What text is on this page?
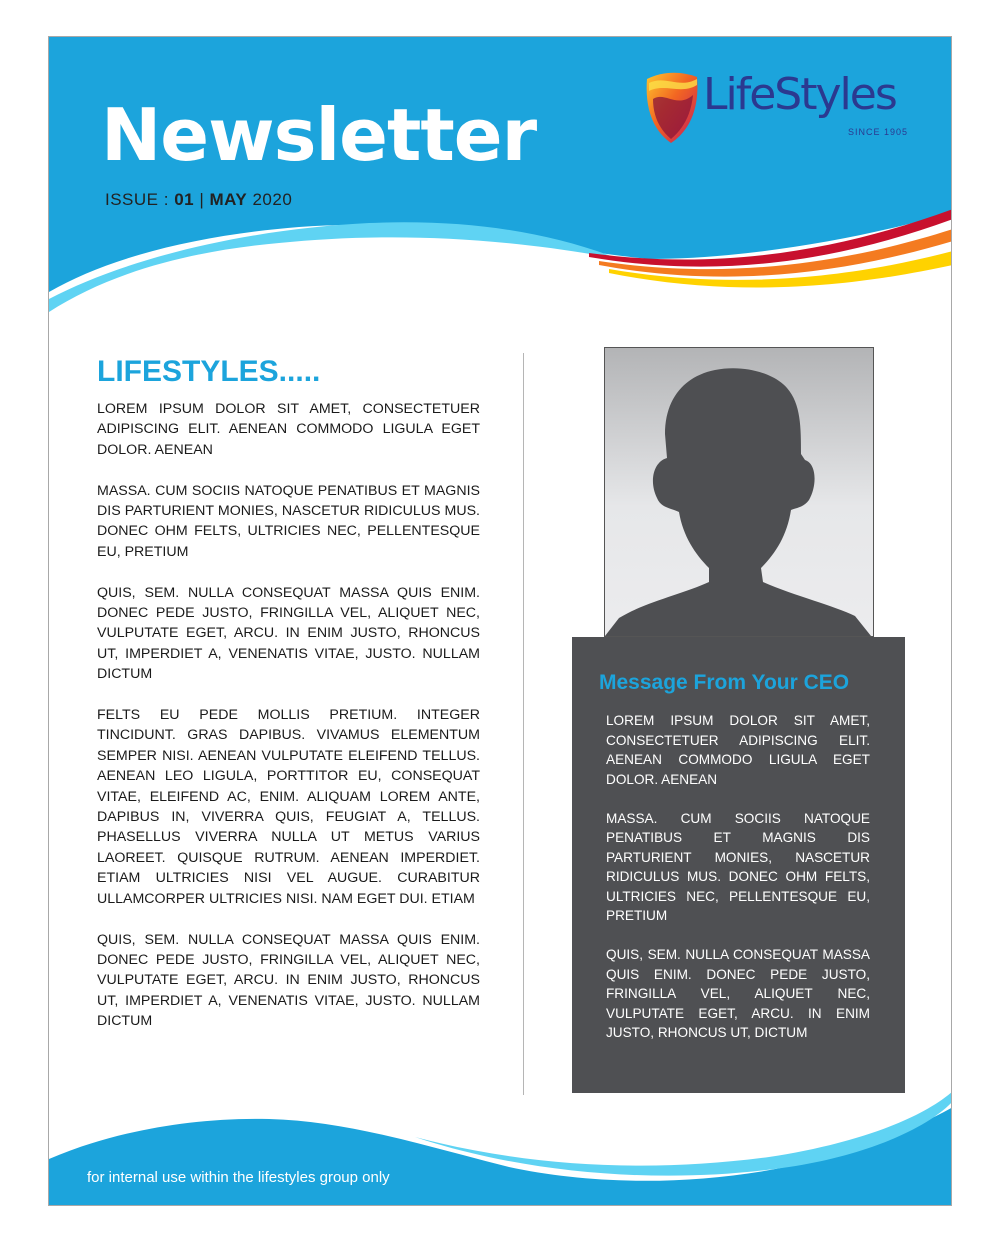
Newsletter
ISSUE : 01 | MAY 2020
LifeStyles
SINCE 1905
LIFESTYLES.....

LOREM IPSUM DOLOR SIT AMET, CONSECTETUER ADIPISCING ELIT. AENEAN COMMODO LIGULA EGET DOLOR. AENEAN

MASSA. CUM SOCIIS NATOQUE PENATIBUS ET MAGNIS DIS PARTURIENT MONIES, NASCETUR RIDICULUS MUS. DONEC OHM FELTS, ULTRICIES NEC, PELLENTESQUE EU, PRETIUM

QUIS, SEM. NULLA CONSEQUAT MASSA QUIS ENIM. DONEC PEDE JUSTO, FRINGILLA VEL, ALIQUET NEC, VULPUTATE EGET, ARCU. IN ENIM JUSTO, RHONCUS UT, IMPERDIET A, VENENATIS VITAE, JUSTO. NULLAM DICTUM

FELTS EU PEDE MOLLIS PRETIUM. INTEGER TINCIDUNT. GRAS DAPIBUS. VIVAMUS ELEMENTUM SEMPER NISI. AENEAN VULPUTATE ELEIFEND TELLUS. AENEAN LEO LIGULA, PORTTITOR EU, CONSEQUAT VITAE, ELEIFEND AC, ENIM. ALIQUAM LOREM ANTE, DAPIBUS IN, VIVERRA QUIS, FEUGIAT A, TELLUS. PHASELLUS VIVERRA NULLA UT METUS VARIUS LAOREET. QUISQUE RUTRUM. AENEAN IMPERDIET. ETIAM ULTRICIES NISI VEL AUGUE. CURABITUR ULLAMCORPER ULTRICIES NISI. NAM EGET DUI. ETIAM

QUIS, SEM. NULLA CONSEQUAT MASSA QUIS ENIM. DONEC PEDE JUSTO, FRINGILLA VEL, ALIQUET NEC, VULPUTATE EGET, ARCU. IN ENIM JUSTO, RHONCUS UT, IMPERDIET A, VENENATIS VITAE, JUSTO. NULLAM DICTUM

Message From Your CEO

LOREM IPSUM DOLOR SIT AMET, CONSECTETUER ADIPISCING ELIT. AENEAN COMMODO LIGULA EGET DOLOR. AENEAN

MASSA. CUM SOCIIS NATOQUE PENATIBUS ET MAGNIS DIS PARTURIENT MONIES, NASCETUR RIDICULUS MUS. DONEC OHM FELTS, ULTRICIES NEC, PELLENTESQUE EU, PRETIUM

QUIS, SEM. NULLA CONSEQUAT MASSA QUIS ENIM. DONEC PEDE JUSTO, FRINGILLA VEL, ALIQUET NEC, VULPUTATE EGET, ARCU. IN ENIM JUSTO, RHONCUS UT, DICTUM

for internal use within the lifestyles group only
